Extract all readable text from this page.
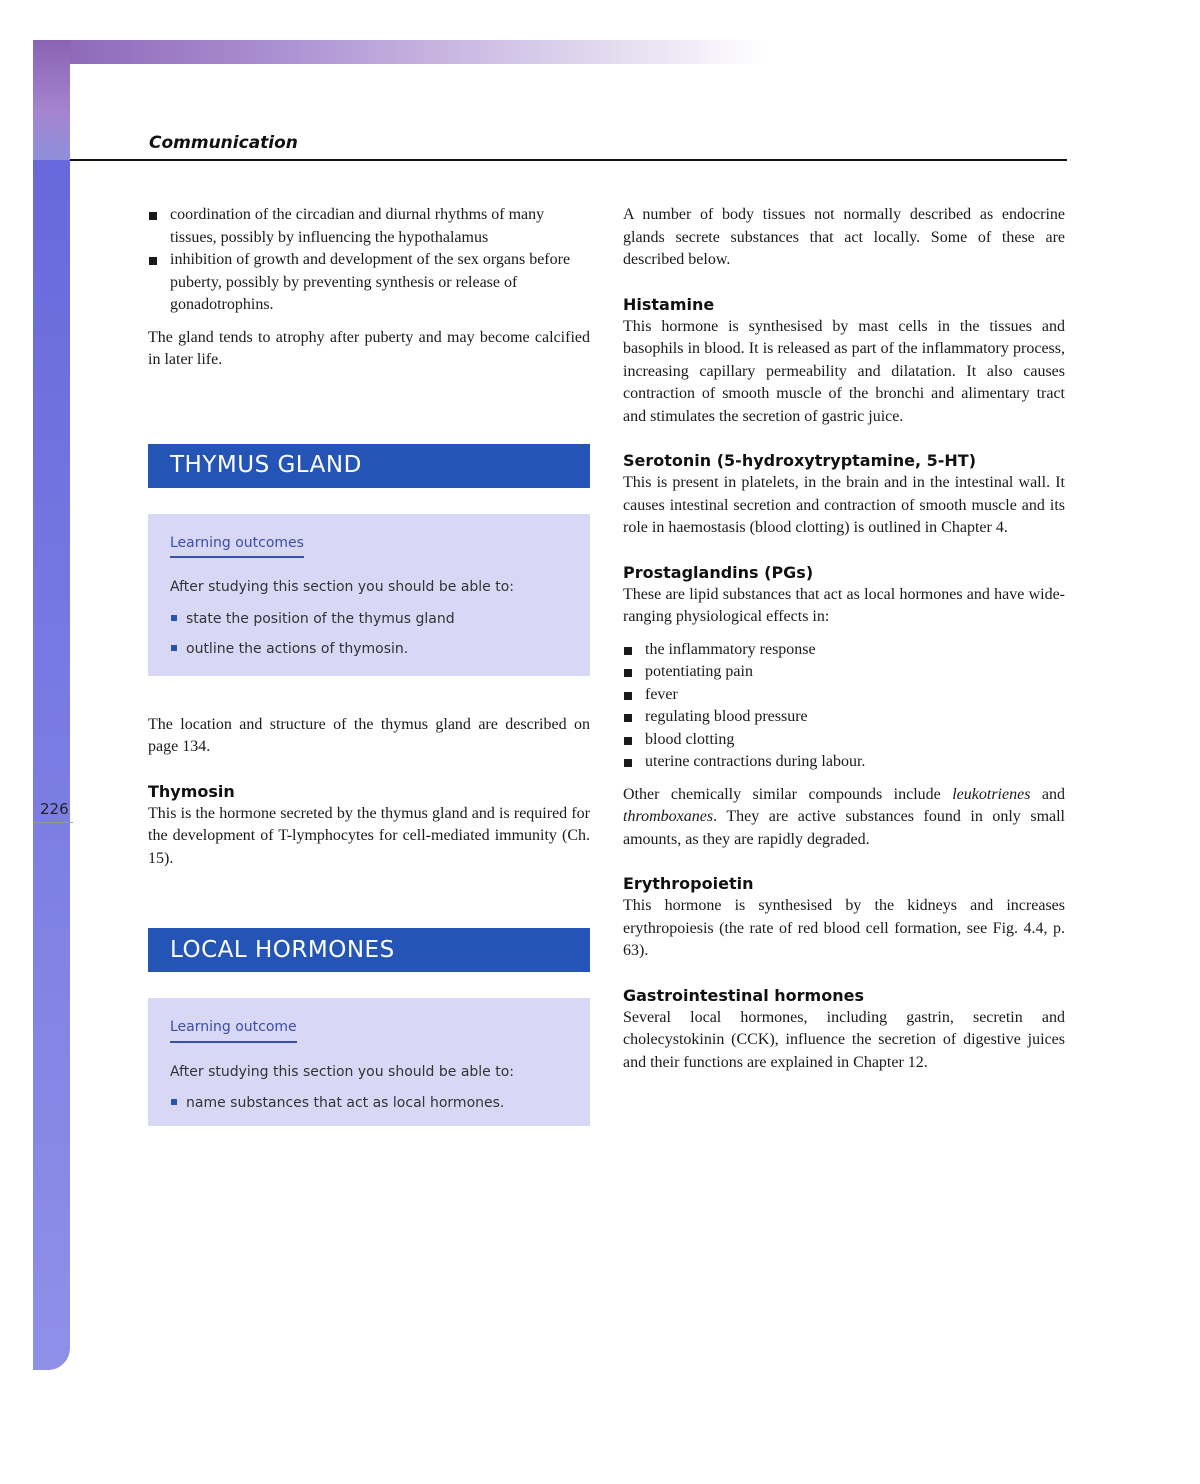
Communication
226
coordination of the circadian and diurnal rhythms of many tissues, possibly by influencing the hypothalamus
inhibition of growth and development of the sex organs before puberty, possibly by preventing synthesis or release of gonadotrophins.

The gland tends to atrophy after puberty and may become calcified in later life.

THYMUS GLAND
Learning outcomes
After studying this section you should be able to:
state the position of the thymus gland
outline the actions of thymosin.

The location and structure of the thymus gland are described on page 134.

Thymosin

This is the hormone secreted by the thymus gland and is required for the development of T-lymphocytes for cell-mediated immunity (Ch. 15).

LOCAL HORMONES
Learning outcome
After studying this section you should be able to:
name substances that act as local hormones.

A number of body tissues not normally described as endocrine glands secrete substances that act locally. Some of these are described below.

Histamine

This hormone is synthesised by mast cells in the tissues and basophils in blood. It is released as part of the inflammatory process, increasing capillary permeability and dilatation. It also causes contraction of smooth muscle of the bronchi and alimentary tract and stimulates the secretion of gastric juice.

Serotonin (5-hydroxytryptamine, 5-HT)

This is present in platelets, in the brain and in the intestinal wall. It causes intestinal secretion and contraction of smooth muscle and its role in haemostasis (blood clotting) is outlined in Chapter 4.

Prostaglandins (PGs)

These are lipid substances that act as local hormones and have wide-ranging physiological effects in:

the inflammatory response
potentiating pain
fever
regulating blood pressure
blood clotting
uterine contractions during labour.

Other chemically similar compounds include leukotrienes and thromboxanes. They are active substances found in only small amounts, as they are rapidly degraded.

Erythropoietin

This hormone is synthesised by the kidneys and increases erythropoiesis (the rate of red blood cell formation, see Fig. 4.4, p. 63).

Gastrointestinal hormones

Several local hormones, including gastrin, secretin and cholecystokinin (CCK), influence the secretion of digestive juices and their functions are explained in Chapter 12.
